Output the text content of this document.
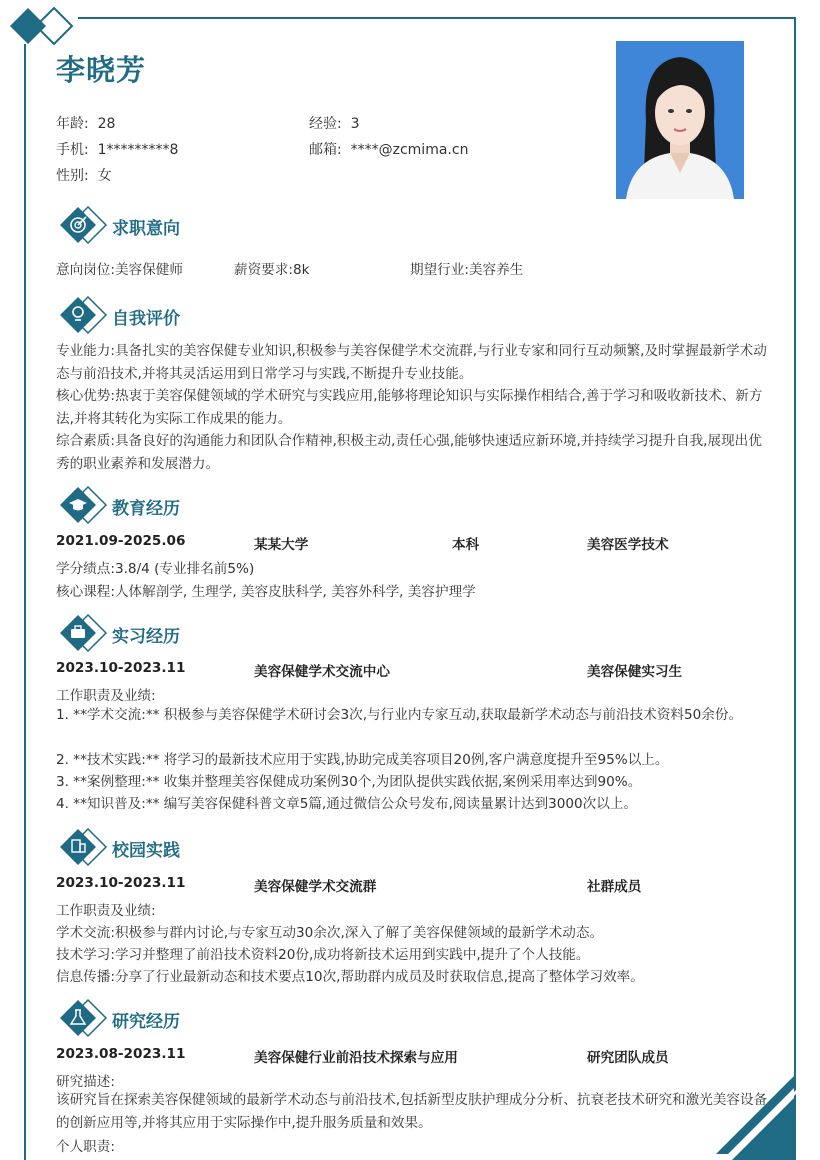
李晓芳
年龄: 28	经验: 3
手机: 1*********8	邮箱: ****@zcmima.cn
性别: 女
求职意向
意向岗位:美容保健师	薪资要求:8k	期望行业:美容养生
自我评价
专业能力:具备扎实的美容保健专业知识,积极参与美容保健学术交流群,与行业专家和同行互动频繁,及时掌握最新学术动态与前沿技术,并将其灵活运用到日常学习与实践,不断提升专业技能。
核心优势:热衷于美容保健领域的学术研究与实践应用,能够将理论知识与实际操作相结合,善于学习和吸收新技术、新方法,并将其转化为实际工作成果的能力。
综合素质:具备良好的沟通能力和团队合作精神,积极主动,责任心强,能够快速适应新环境,并持续学习提升自我,展现出优秀的职业素养和发展潜力。
教育经历
2021.09-2025.06	某某大学	本科	美容医学技术
学分绩点:3.8/4 (专业排名前5%)
核心课程:人体解剖学, 生理学, 美容皮肤科学, 美容外科学, 美容护理学
实习经历
2023.10-2023.11	美容保健学术交流中心	美容保健实习生
工作职责及业绩:
1. **学术交流:** 积极参与美容保健学术研讨会3次,与行业内专家互动,获取最新学术动态与前沿技术资料50余份。
2. **技术实践:** 将学习的最新技术应用于实践,协助完成美容项目20例,客户满意度提升至95%以上。
3. **案例整理:** 收集并整理美容保健成功案例30个,为团队提供实践依据,案例采用率达到90%。
4. **知识普及:** 编写美容保健科普文章5篇,通过微信公众号发布,阅读量累计达到3000次以上。
校园实践
2023.10-2023.11	美容保健学术交流群	社群成员
工作职责及业绩:
学术交流:积极参与群内讨论,与专家互动30余次,深入了解了美容保健领域的最新学术动态。
技术学习:学习并整理了前沿技术资料20份,成功将新技术运用到实践中,提升了个人技能。
信息传播:分享了行业最新动态和技术要点10次,帮助群内成员及时获取信息,提高了整体学习效率。
研究经历
2023.08-2023.11	美容保健行业前沿技术探索与应用	研究团队成员
研究描述:
该研究旨在探索美容保健领域的最新学术动态与前沿技术,包括新型皮肤护理成分分析、抗衰老技术研究和激光美容设备的创新应用等,并将其应用于实际操作中,提升服务质量和效果。
个人职责:
